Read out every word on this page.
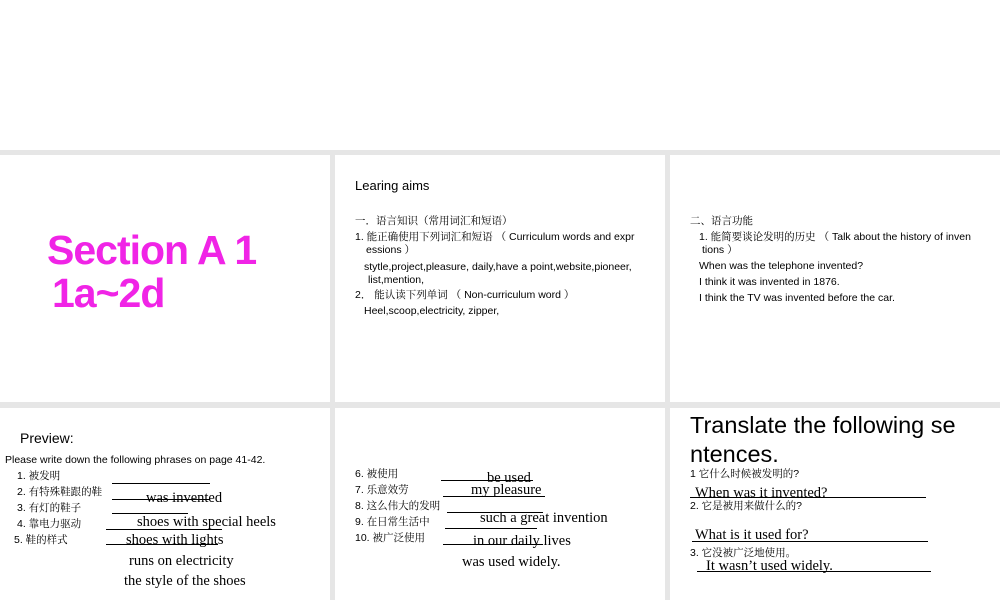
Section A 1
1a~2d
Learing aims
一．语言知识（常用词汇和短语）
1. 能正确使用下列词汇和短语 （ Curriculum words and expr
essions ）
stytle,project,pleasure, daily,have a point,website,pioneer,
list,mention,
2． 能认读下列单词 （ Non-curriculum word ）
Heel,scoop,electricity, zipper,
二、语言功能
1. 能简要谈论发明的历史 （ Talk about the history of inven
tions ）
When was the telephone invented?
I think it was invented in 1876.
I think the TV was invented before the car.
Preview:
Please write down the following phrases on page 41-42.
1. 被发明
2. 有特殊鞋跟的鞋
3. 有灯的鞋子
4. 靠电力驱动
5. 鞋的样式
was invented
shoes with special heels
shoes with lights
runs on electricity
the style of the shoes
6. 被使用
7. 乐意效劳
8. 这么伟大的发明
9. 在日常生活中
10. 被广泛使用
be used
my pleasure
such a great invention
in our daily lives
was used widely.
Translate the following se
ntences.
1 它什么时候被发明的?
When was it invented?
2. 它是被用来做什么的?
What is it used for?
3. 它没被广泛地使用。
It wasn’t used widely.
